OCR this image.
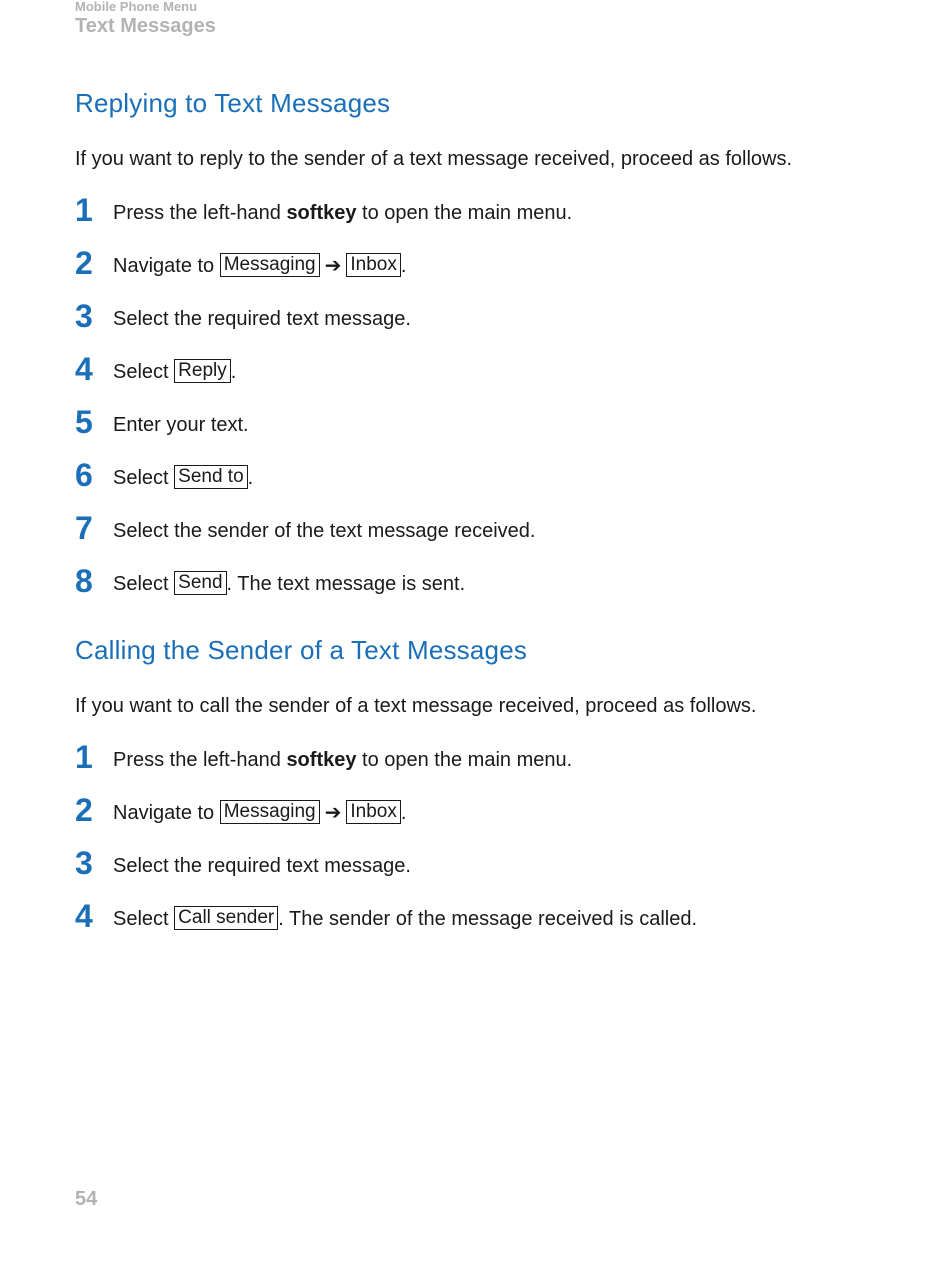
Mobile Phone Menu
Text Messages
Replying to Text Messages

If you want to reply to the sender of a text message received, proceed as follows.

1 Press the left-hand softkey to open the main menu.
2 Navigate to Messaging ➔ Inbox .
3 Select the required text message.
4 Select Reply .
5 Enter your text.
6 Select Send to .
7 Select the sender of the text message received.
8 Select Send . The text message is sent.
Calling the Sender of a Text Messages

If you want to call the sender of a text message received, proceed as follows.

1 Press the left-hand softkey to open the main menu.
2 Navigate to Messaging ➔ Inbox .
3 Select the required text message.
4 Select Call sender . The sender of the message received is called.
54
